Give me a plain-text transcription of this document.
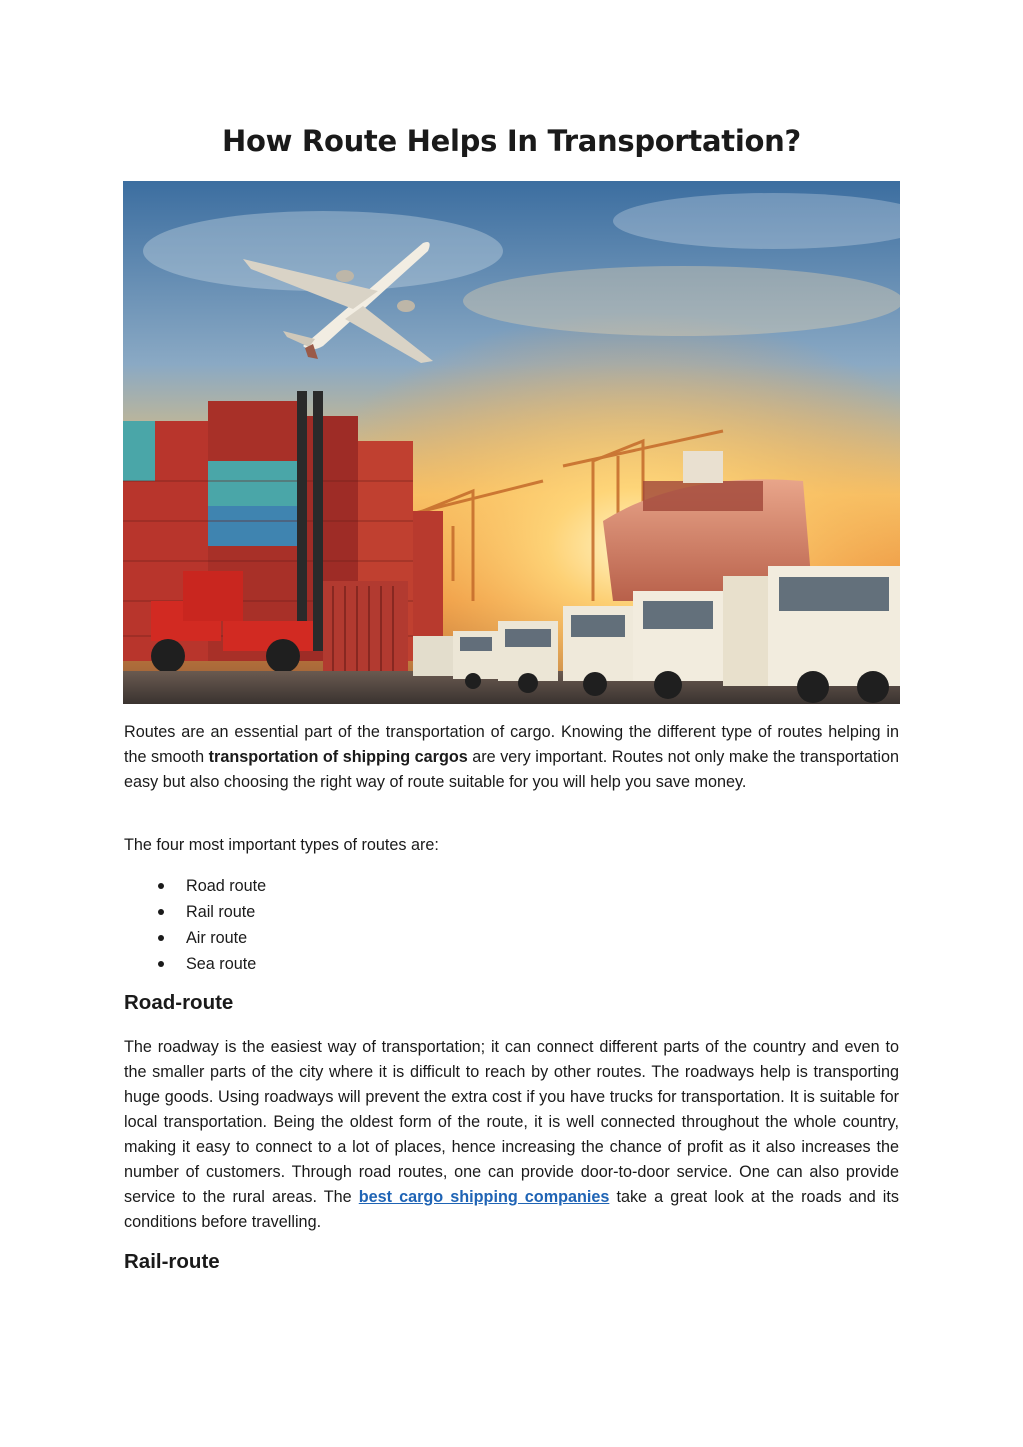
How Route Helps In Transportation?

Routes are an essential part of the transportation of cargo. Knowing the different type of routes helping in the smooth transportation of shipping cargos are very important. Routes not only make the transportation easy but also choosing the right way of route suitable for you will help you save money.

The four most important types of routes are:

Road route
Rail route
Air route
Sea route
Road-route

The roadway is the easiest way of transportation; it can connect different parts of the country and even to the smaller parts of the city where it is difficult to reach by other routes. The roadways help is transporting huge goods. Using roadways will prevent the extra cost if you have trucks for transportation. It is suitable for local transportation. Being the oldest form of the route, it is well connected throughout the whole country, making it easy to connect to a lot of places, hence increasing the chance of profit as it also increases the number of customers. Through road routes, one can provide door-to-door service. One can also provide service to the rural areas. The best cargo shipping companies take a great look at the roads and its conditions before travelling.

Rail-route
